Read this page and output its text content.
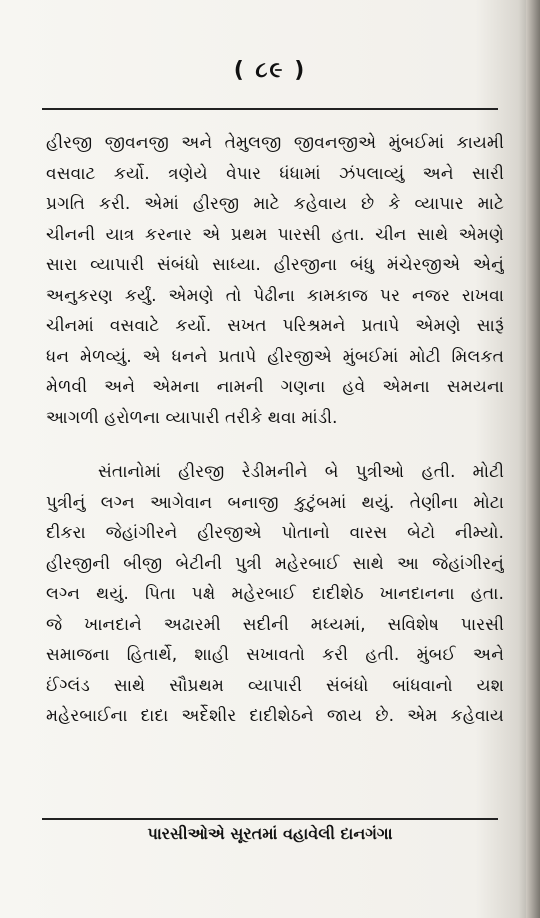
( ૮૯ )
હીરજી જીવનજી અને તેમુલજી જીવનજીએ મુંબઈમાં કાયમી
વસવાટ કર્યો. ત્રણેયે વેપાર ધંધામાં ઝંપલાવ્યું અને સારી
પ્રગતિ કરી. એમાં હીરજી માટે કહેવાય છે કે વ્યાપાર માટે
ચીનની યાત્ર કરનાર એ પ્રથમ પારસી હતા. ચીન સાથે એમણે
સારા વ્યાપારી સંબંધો સાધ્યા. હીરજીના બંધુ મંચેરજીએ એનું
અનુકરણ કર્યું. એમણે તો પેઢીના કામકાજ પર નજર રાખવા
ચીનમાં વસવાટે કર્યો. સખત પરિશ્રમને પ્રતાપે એમણે સારૂં
ધન મેળવ્યું. એ ધનને પ્રતાપે હીરજીએ મુંબઈમાં મોટી મિલકત
મેળવી અને એમના નામની ગણના હવે એમના સમયના
આગળી હરોળના વ્યાપારી તરીકે થવા માંડી.
સંતાનોમાં હીરજી રેડીમનીને બે પુત્રીઓ હતી. મોટી
પુત્રીનું લગ્ન આગેવાન બનાજી કુટુંબમાં થયું. તેણીના મોટા
દીકરા જેહાંગીરને હીરજીએ પોતાનો વારસ બેટો નીમ્યો.
હીરજીની બીજી બેટીની પુત્રી મહેરબાઈ સાથે આ જેહાંગીરનું
લગ્ન થયું. પિતા પક્ષે મહેરબાઈ દાદીશેઠ ખાનદાનના હતા.
જે ખાનદાને અઢારમી સદીની મધ્યમાં, સવિશેષ પારસી
સમાજના હિતાર્થે, શાહી સખાવતો કરી હતી. મુંબઈ અને
ઈંગ્લંડ સાથે સૌપ્રથમ વ્યાપારી સંબંધો બાંધવાનો યશ
મહેરબાઈના દાદા અર્દેશીર દાદીશેઠને જાય છે. એમ કહેવાય
પારસીઓએ સૂરતમાં વહાવેલી દાનગંગા
